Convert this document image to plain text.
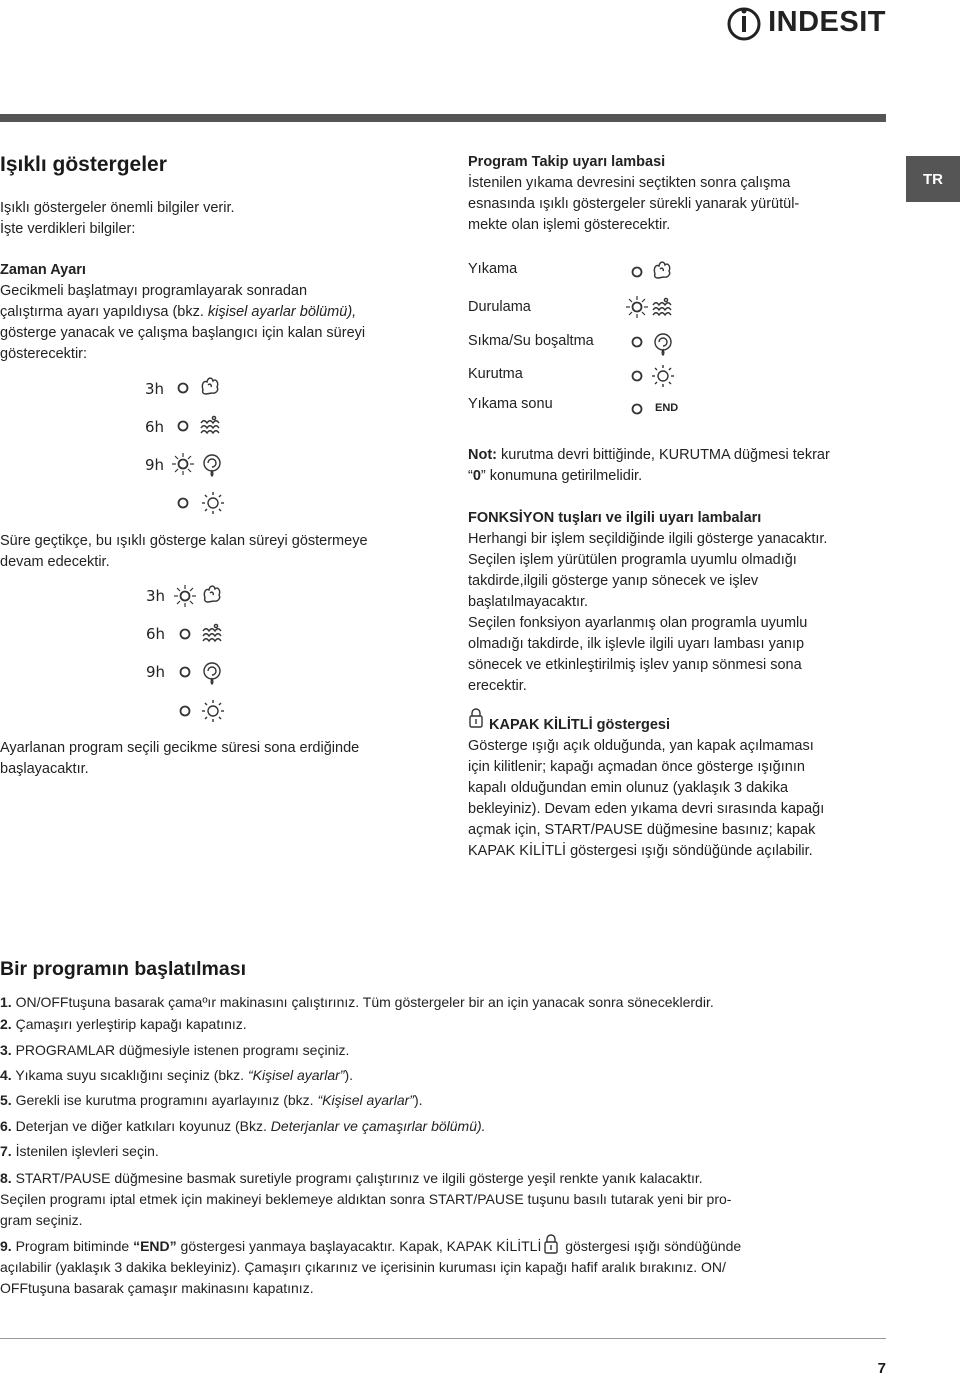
INDESIT
TR
Işıklı göstergeler
Işıklı göstergeler önemli bilgiler verir.
İşte verdikleri bilgiler:
Zaman Ayarı
Gecikmeli başlatmayı programlayarak sonradan
çalıştırma ayarı yapıldıysa (bkz. kişisel ayarlar bölümü),
gösterge yanacak ve çalışma başlangıcı için kalan süreyi
gösterecektir:
3h
6h
9h
Süre geçtikçe, bu ışıklı gösterge kalan süreyi göstermeye
devam edecektir.
3h
6h
9h
Ayarlanan program seçili gecikme süresi sona erdiğinde
başlayacaktır.
Program Takip uyarı lambasi
İstenilen yıkama devresini seçtikten sonra çalışma
esnasında ışıklı göstergeler sürekli yanarak yürütül-
mekte olan işlemi gösterecektir.
Yıkama
Durulama
Sıkma/Su boşaltma
Kurutma
Yıkama sonu	END
Not: kurutma devri bittiğinde, KURUTMA düğmesi tekrar
“0” konumuna getirilmelidir.
FONKSİYON tuşları ve ilgili uyarı lambaları
Herhangi bir işlem seçildiğinde ilgili gösterge yanacaktır.
Seçilen işlem yürütülen programla uyumlu olmadığı
takdirde,ilgili gösterge yanıp sönecek ve işlev
başlatılmayacaktır.
Seçilen fonksiyon ayarlanmış olan programla uyumlu
olmadığı takdirde, ilk işlevle ilgili uyarı lambası yanıp
sönecek ve etkinleştirilmiş işlev yanıp sönmesi sona
erecektir.
KAPAK KİLİTLİ göstergesi
Gösterge ışığı açık olduğunda, yan kapak açılmaması
için kilitlenir; kapağı açmadan önce gösterge ışığının
kapalı olduğundan emin olunuz (yaklaşık 3 dakika
bekleyiniz). Devam eden yıkama devri sırasında kapağı
açmak için, START/PAUSE düğmesine basınız; kapak
KAPAK KİLİTLİ göstergesi ışığı söndüğünde açılabilir.
Bir programın başlatılması
1. ON/OFFtuşuna basarak çamaºır makinasını çalıştırınız. Tüm göstergeler bir an için yanacak sonra söneceklerdir.
2. Çamaşırı yerleştirip kapağı kapatınız.
3. PROGRAMLAR düğmesiyle istenen programı seçiniz.
4. Yıkama suyu sıcaklığını seçiniz (bkz. “Kişisel ayarlar”).
5. Gerekli ise kurutma programını ayarlayınız (bkz. “Kişisel ayarlar”).
6. Deterjan ve diğer katkıları koyunuz (Bkz. Deterjanlar ve çamaşırlar bölümü).
7. İstenilen işlevleri seçin.
8. START/PAUSE düğmesine basmak suretiyle programı çalıştırınız ve ilgili gösterge yeşil renkte yanık kalacaktır.
Seçilen programı iptal etmek için makineyi beklemeye aldıktan sonra START/PAUSE tuşunu basılı tutarak yeni bir pro-
gram seçiniz.
9. Program bitiminde “END” göstergesi yanmaya başlayacaktır. Kapak, KAPAK KİLİTLİ göstergesi ışığı söndüğünde
açılabilir (yaklaşık 3 dakika bekleyiniz). Çamaşırı çıkarınız ve içerisinin kuruması için kapağı hafif aralık bırakınız. ON/
OFFtuşuna basarak çamaşır makinasını kapatınız.
7
